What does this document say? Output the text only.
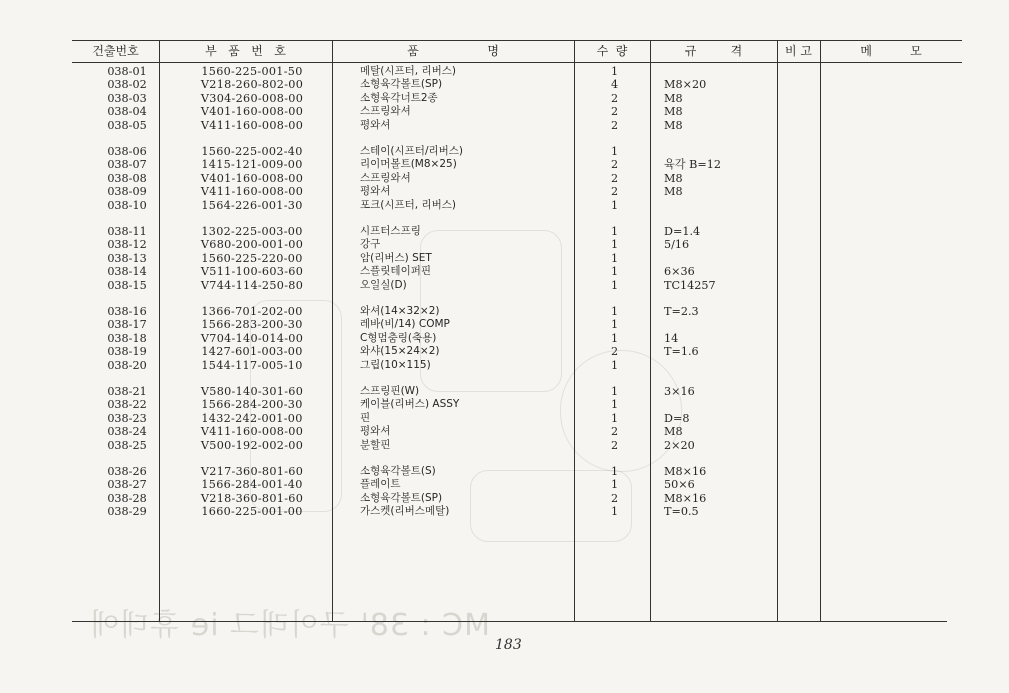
MC : 38' 구이래그 ie 휴데애
건출번호	부   품   번   호	품                  명	수  량	규         격	비 고	메          모
038-01	1560-225-001-50	메탈(시프터, 리버스)	1
038-02	V218-260-802-00	소형육각볼트(SP)	4	M8×20
038-03	V304-260-008-00	소형육각너트2종	2	M8
038-04	V401-160-008-00	스프링와셔	2	M8
038-05	V411-160-008-00	평와셔	2	M8
038-06	1560-225-002-40	스테이(시프터/리버스)	1
038-07	1415-121-009-00	리이머볼트(M8×25)	2	육각 B=12
038-08	V401-160-008-00	스프링와셔	2	M8
038-09	V411-160-008-00	평와셔	2	M8
038-10	1564-226-001-30	포크(시프터, 리버스)	1
038-11	1302-225-003-00	시프터스프링	1	D=1.4
038-12	V680-200-001-00	강구	1	5/16
038-13	1560-225-220-00	암(리버스) SET	1
038-14	V511-100-603-60	스플릿테이퍼핀	1	6×36
038-15	V744-114-250-80	오일실(D)	1	TC14257
038-16	1366-701-202-00	와셔(14×32×2)	1	T=2.3
038-17	1566-283-200-30	레바(비/14) COMP	1
038-18	V704-140-014-00	C형멈춤링(축용)	1	14
038-19	1427-601-003-00	와샤(15×24×2)	2	T=1.6
038-20	1544-117-005-10	그립(10×115)	1
038-21	V580-140-301-60	스프링핀(W)	1	3×16
038-22	1566-284-200-30	케이블(리버스) ASSY	1
038-23	1432-242-001-00	핀	1	D=8
038-24	V411-160-008-00	평와셔	2	M8
038-25	V500-192-002-00	분할핀	2	2×20
038-26	V217-360-801-60	소형육각볼트(S)	1	M8×16
038-27	1566-284-001-40	플레이트	1	50×6
038-28	V218-360-801-60	소형육각볼트(SP)	2	M8×16
038-29	1660-225-001-00	가스켓(리버스메탈)	1	T=0.5
183
